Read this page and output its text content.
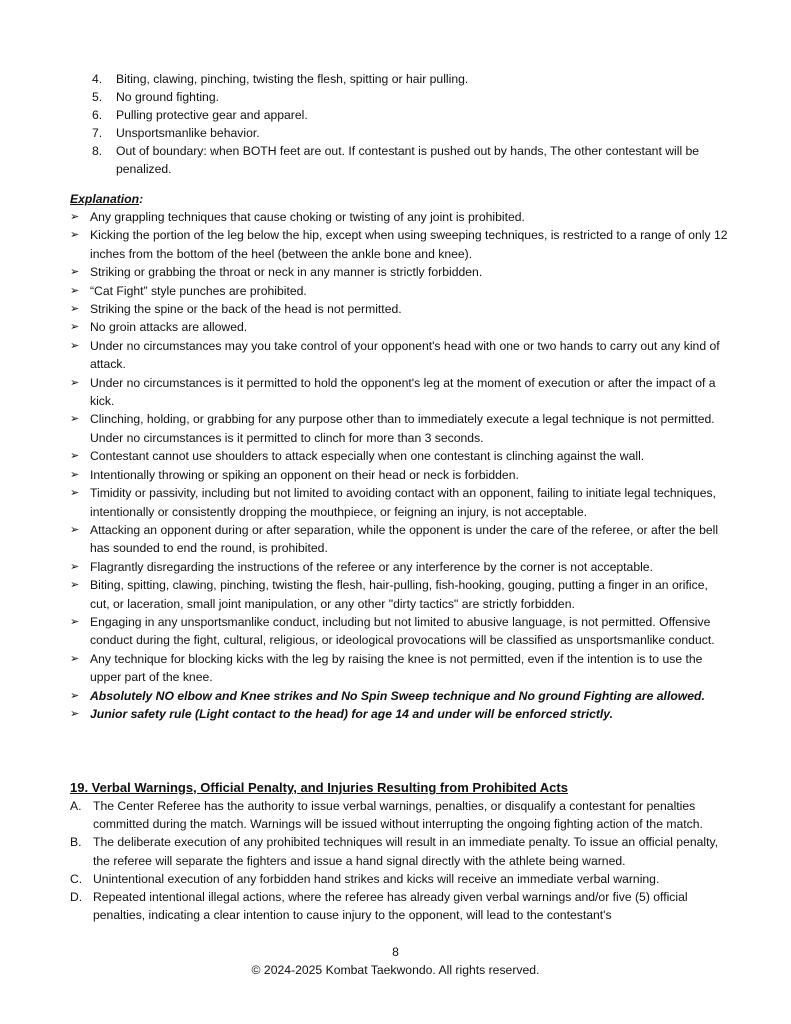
4.	Biting, clawing, pinching, twisting the flesh, spitting or hair pulling.
5.	No ground fighting.
6.	Pulling protective gear and apparel.
7.	Unsportsmanlike behavior.
8.	Out of boundary: when BOTH feet are out. If contestant is pushed out by hands, The other contestant will be penalized.
Explanation:
➢ Any grappling techniques that cause choking or twisting of any joint is prohibited.
➢ Kicking the portion of the leg below the hip, except when using sweeping techniques, is restricted to a range of only 12 inches from the bottom of the heel (between the ankle bone and knee).
➢ Striking or grabbing the throat or neck in any manner is strictly forbidden.
➢ “Cat Fight” style punches are prohibited.
➢ Striking the spine or the back of the head is not permitted.
➢ No groin attacks are allowed.
➢ Under no circumstances may you take control of your opponent's head with one or two hands to carry out any kind of attack.
➢ Under no circumstances is it permitted to hold the opponent's leg at the moment of execution or after the impact of a kick.
➢ Clinching, holding, or grabbing for any purpose other than to immediately execute a legal technique is not permitted. Under no circumstances is it permitted to clinch for more than 3 seconds.
➢ Contestant cannot use shoulders to attack especially when one contestant is clinching against the wall.
➢ Intentionally throwing or spiking an opponent on their head or neck is forbidden.
➢ Timidity or passivity, including but not limited to avoiding contact with an opponent, failing to initiate legal techniques, intentionally or consistently dropping the mouthpiece, or feigning an injury, is not acceptable.
➢ Attacking an opponent during or after separation, while the opponent is under the care of the referee, or after the bell has sounded to end the round, is prohibited.
➢ Flagrantly disregarding the instructions of the referee or any interference by the corner is not acceptable.
➢ Biting, spitting, clawing, pinching, twisting the flesh, hair-pulling, fish-hooking, gouging, putting a finger in an orifice, cut, or laceration, small joint manipulation, or any other "dirty tactics" are strictly forbidden.
➢ Engaging in any unsportsmanlike conduct, including but not limited to abusive language, is not permitted. Offensive conduct during the fight, cultural, religious, or ideological provocations will be classified as unsportsmanlike conduct.
➢ Any technique for blocking kicks with the leg by raising the knee is not permitted, even if the intention is to use the upper part of the knee.
➢ Absolutely NO elbow and Knee strikes and No Spin Sweep technique and No ground Fighting are allowed.
➢ Junior safety rule (Light contact to the head) for age 14 and under will be enforced strictly.
19. Verbal Warnings, Official Penalty, and Injuries Resulting from Prohibited Acts
A. The Center Referee has the authority to issue verbal warnings, penalties, or disqualify a contestant for penalties committed during the match. Warnings will be issued without interrupting the ongoing fighting action of the match.
B. The deliberate execution of any prohibited techniques will result in an immediate penalty. To issue an official penalty, the referee will separate the fighters and issue a hand signal directly with the athlete being warned.
C. Unintentional execution of any forbidden hand strikes and kicks will receive an immediate verbal warning.
D. Repeated intentional illegal actions, where the referee has already given verbal warnings and/or five (5) official penalties, indicating a clear intention to cause injury to the opponent, will lead to the contestant's
8
© 2024-2025 Kombat Taekwondo. All rights reserved.
